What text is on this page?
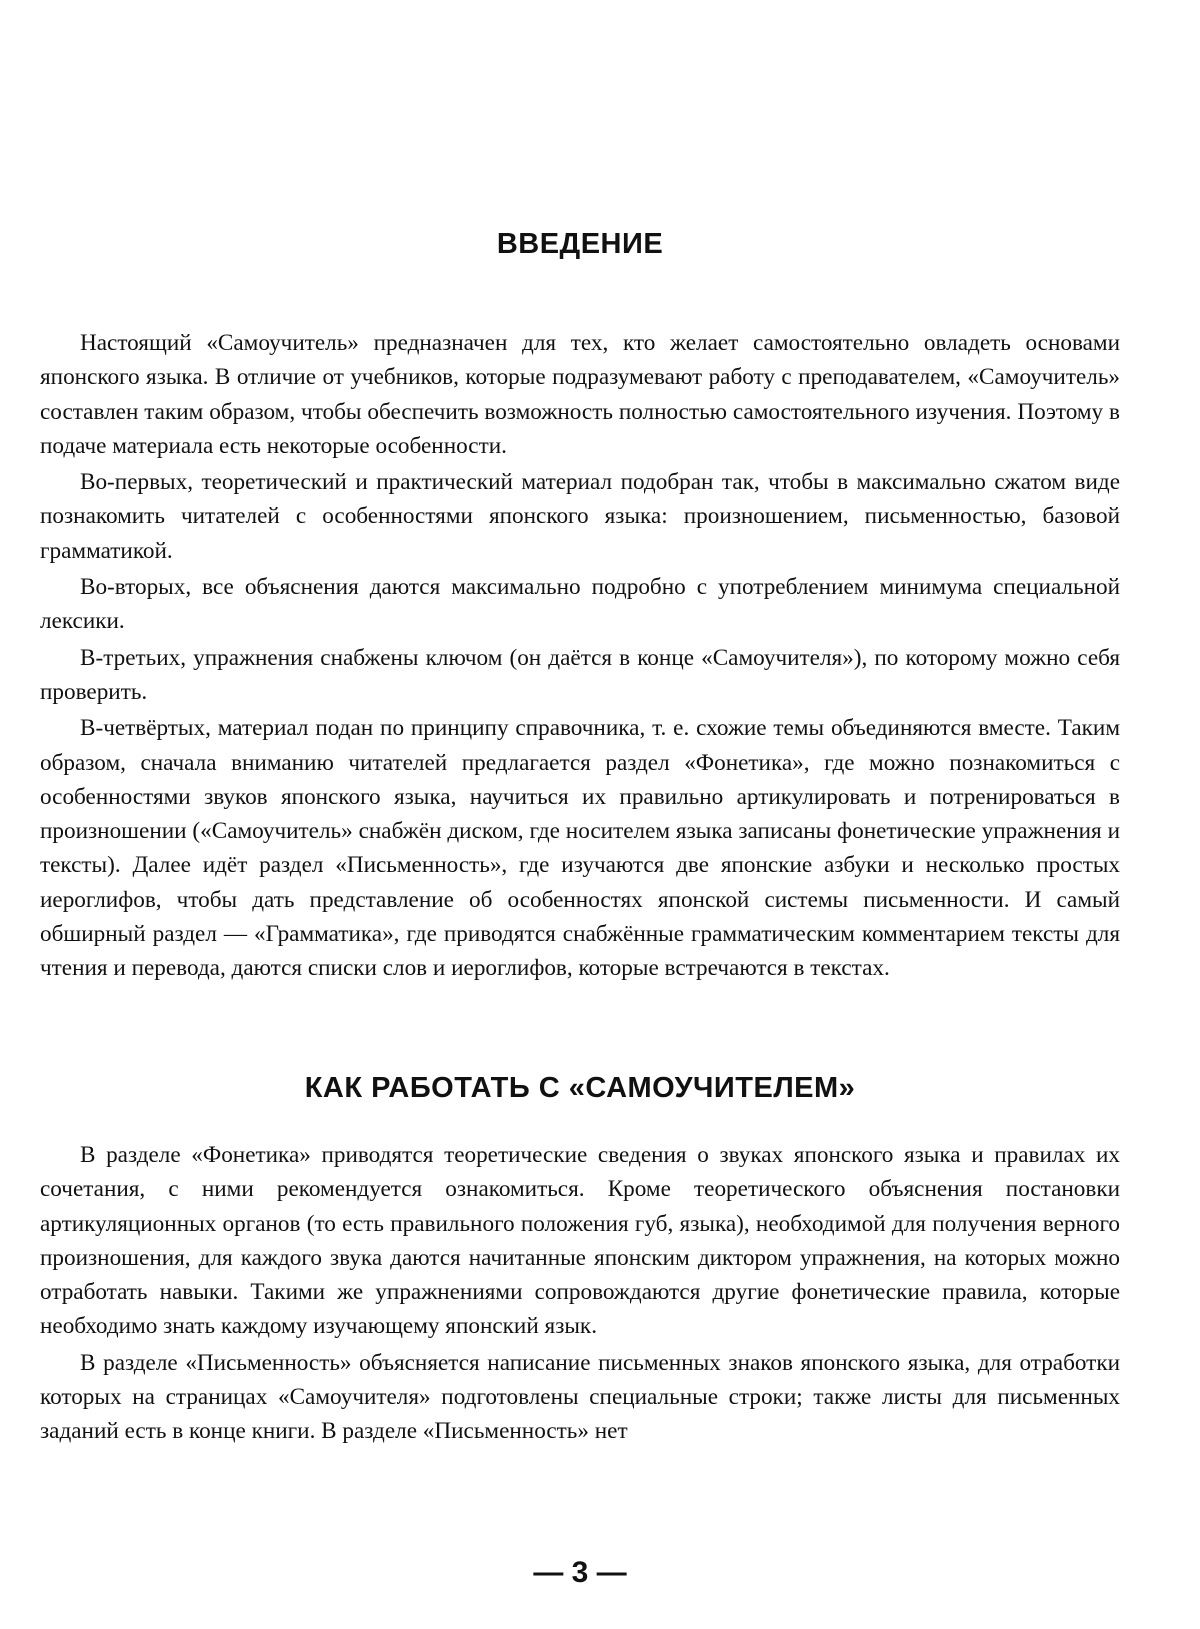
ВВЕДЕНИЕ

Настоящий «Самоучитель» предназначен для тех, кто желает самостоятельно овладеть основами японского языка. В отличие от учебников, которые подразумевают работу с преподавателем, «Самоучитель» составлен таким образом, чтобы обеспечить возможность полностью самостоятельного изучения. Поэтому в подаче материала есть некоторые особенности.

Во-первых, теоретический и практический материал подобран так, чтобы в максимально сжатом виде познакомить читателей с особенностями японского языка: произношением, письменностью, базовой грамматикой.

Во-вторых, все объяснения даются максимально подробно с употреблением минимума специальной лексики.

В-третьих, упражнения снабжены ключом (он даётся в конце «Самоучителя»), по которому можно себя проверить.

В-четвёртых, материал подан по принципу справочника, т. е. схожие темы объединяются вместе. Таким образом, сначала вниманию читателей предлагается раздел «Фонетика», где можно познакомиться с особенностями звуков японского языка, научиться их правильно артикулировать и потренироваться в произношении («Самоучитель» снабжён диском, где носителем языка записаны фонетические упражнения и тексты). Далее идёт раздел «Письменность», где изучаются две японские азбуки и несколько простых иероглифов, чтобы дать представление об особенностях японской системы письменности. И самый обширный раздел — «Грамматика», где приводятся снабжённые грамматическим комментарием тексты для чтения и перевода, даются списки слов и иероглифов, которые встречаются в текстах.

КАК РАБОТАТЬ С «САМОУЧИТЕЛЕМ»

В разделе «Фонетика» приводятся теоретические сведения о звуках японского языка и правилах их сочетания, с ними рекомендуется ознакомиться. Кроме теоретического объяснения постановки артикуляционных органов (то есть правильного положения губ, языка), необходимой для получения верного произношения, для каждого звука даются начитанные японским диктором упражнения, на которых можно отработать навыки. Такими же упражнениями сопровождаются другие фонетические правила, которые необходимо знать каждому изучающему японский язык.

В разделе «Письменность» объясняется написание письменных знаков японского языка, для отработки которых на страницах «Самоучителя» подготовлены специальные строки; также листы для письменных заданий есть в конце книги. В разделе «Письменность» нет

— 3 —
